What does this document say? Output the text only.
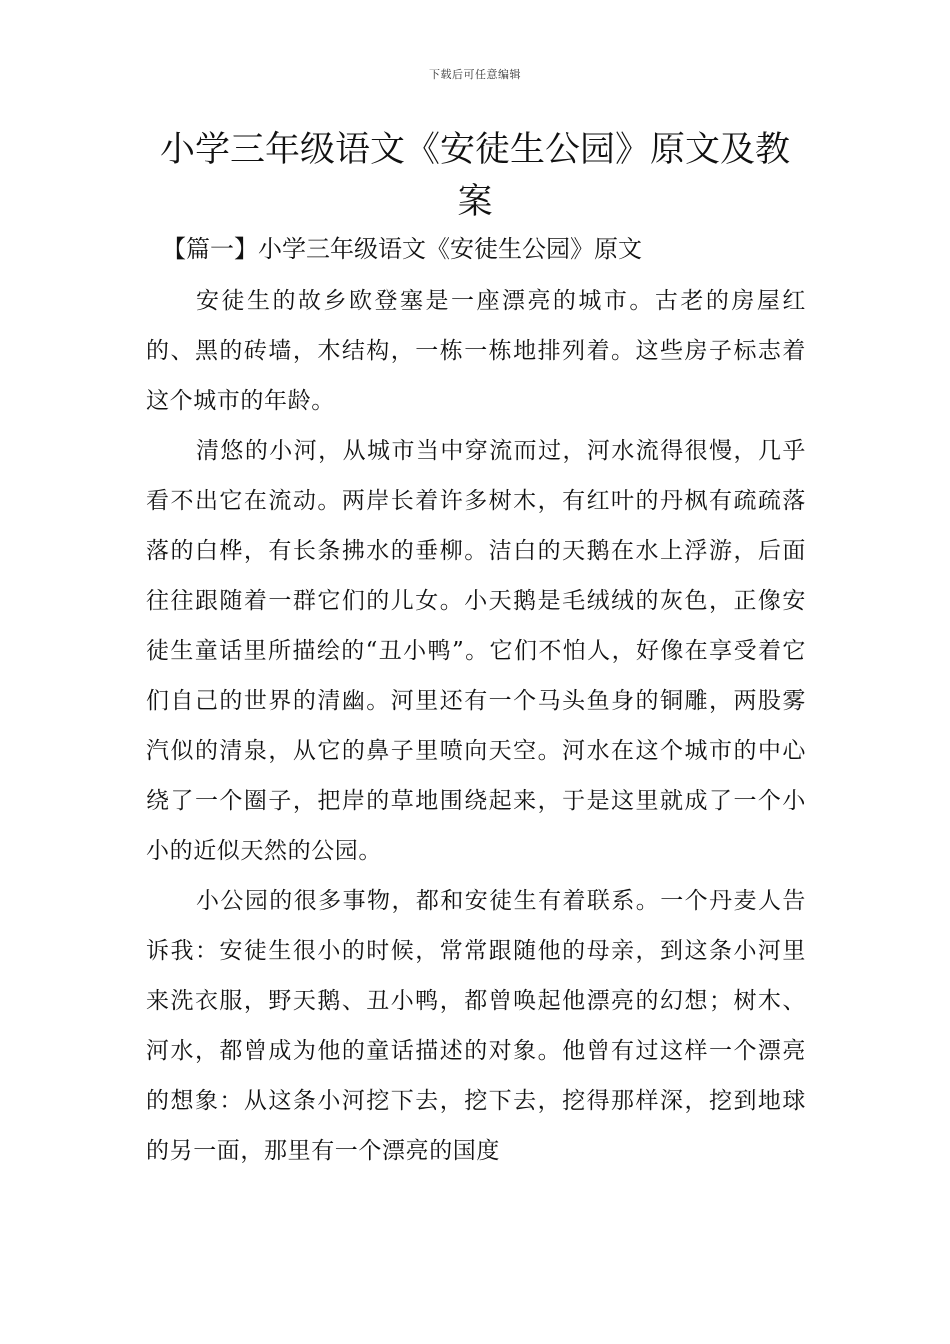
下载后可任意编辑
小学三年级语文《安徒生公园》原文及教案
【篇一】小学三年级语文《安徒生公园》原文

安徒生的故乡欧登塞是一座漂亮的城市。古老的房屋红的、黑的砖墙，木结构，一栋一栋地排列着。这些房子标志着这个城市的年龄。

清悠的小河，从城市当中穿流而过，河水流得很慢，几乎看不出它在流动。两岸长着许多树木，有红叶的丹枫有疏疏落落的白桦，有长条拂水的垂柳。洁白的天鹅在水上浮游，后面往往跟随着一群它们的儿女。小天鹅是毛绒绒的灰色，正像安徒生童话里所描绘的“丑小鸭”。它们不怕人，好像在享受着它们自己的世界的清幽。河里还有一个马头鱼身的铜雕，两股雾汽似的清泉，从它的鼻子里喷向天空。河水在这个城市的中心绕了一个圈子，把岸的草地围绕起来，于是这里就成了一个小小的近似天然的公园。

小公园的很多事物，都和安徒生有着联系。一个丹麦人告诉我：安徒生很小的时候，常常跟随他的母亲，到这条小河里来洗衣服，野天鹅、丑小鸭，都曾唤起他漂亮的幻想；树木、河水，都曾成为他的童话描述的对象。他曾有过这样一个漂亮的想象：从这条小河挖下去，挖下去，挖得那样深，挖到地球的另一面，那里有一个漂亮的国度
